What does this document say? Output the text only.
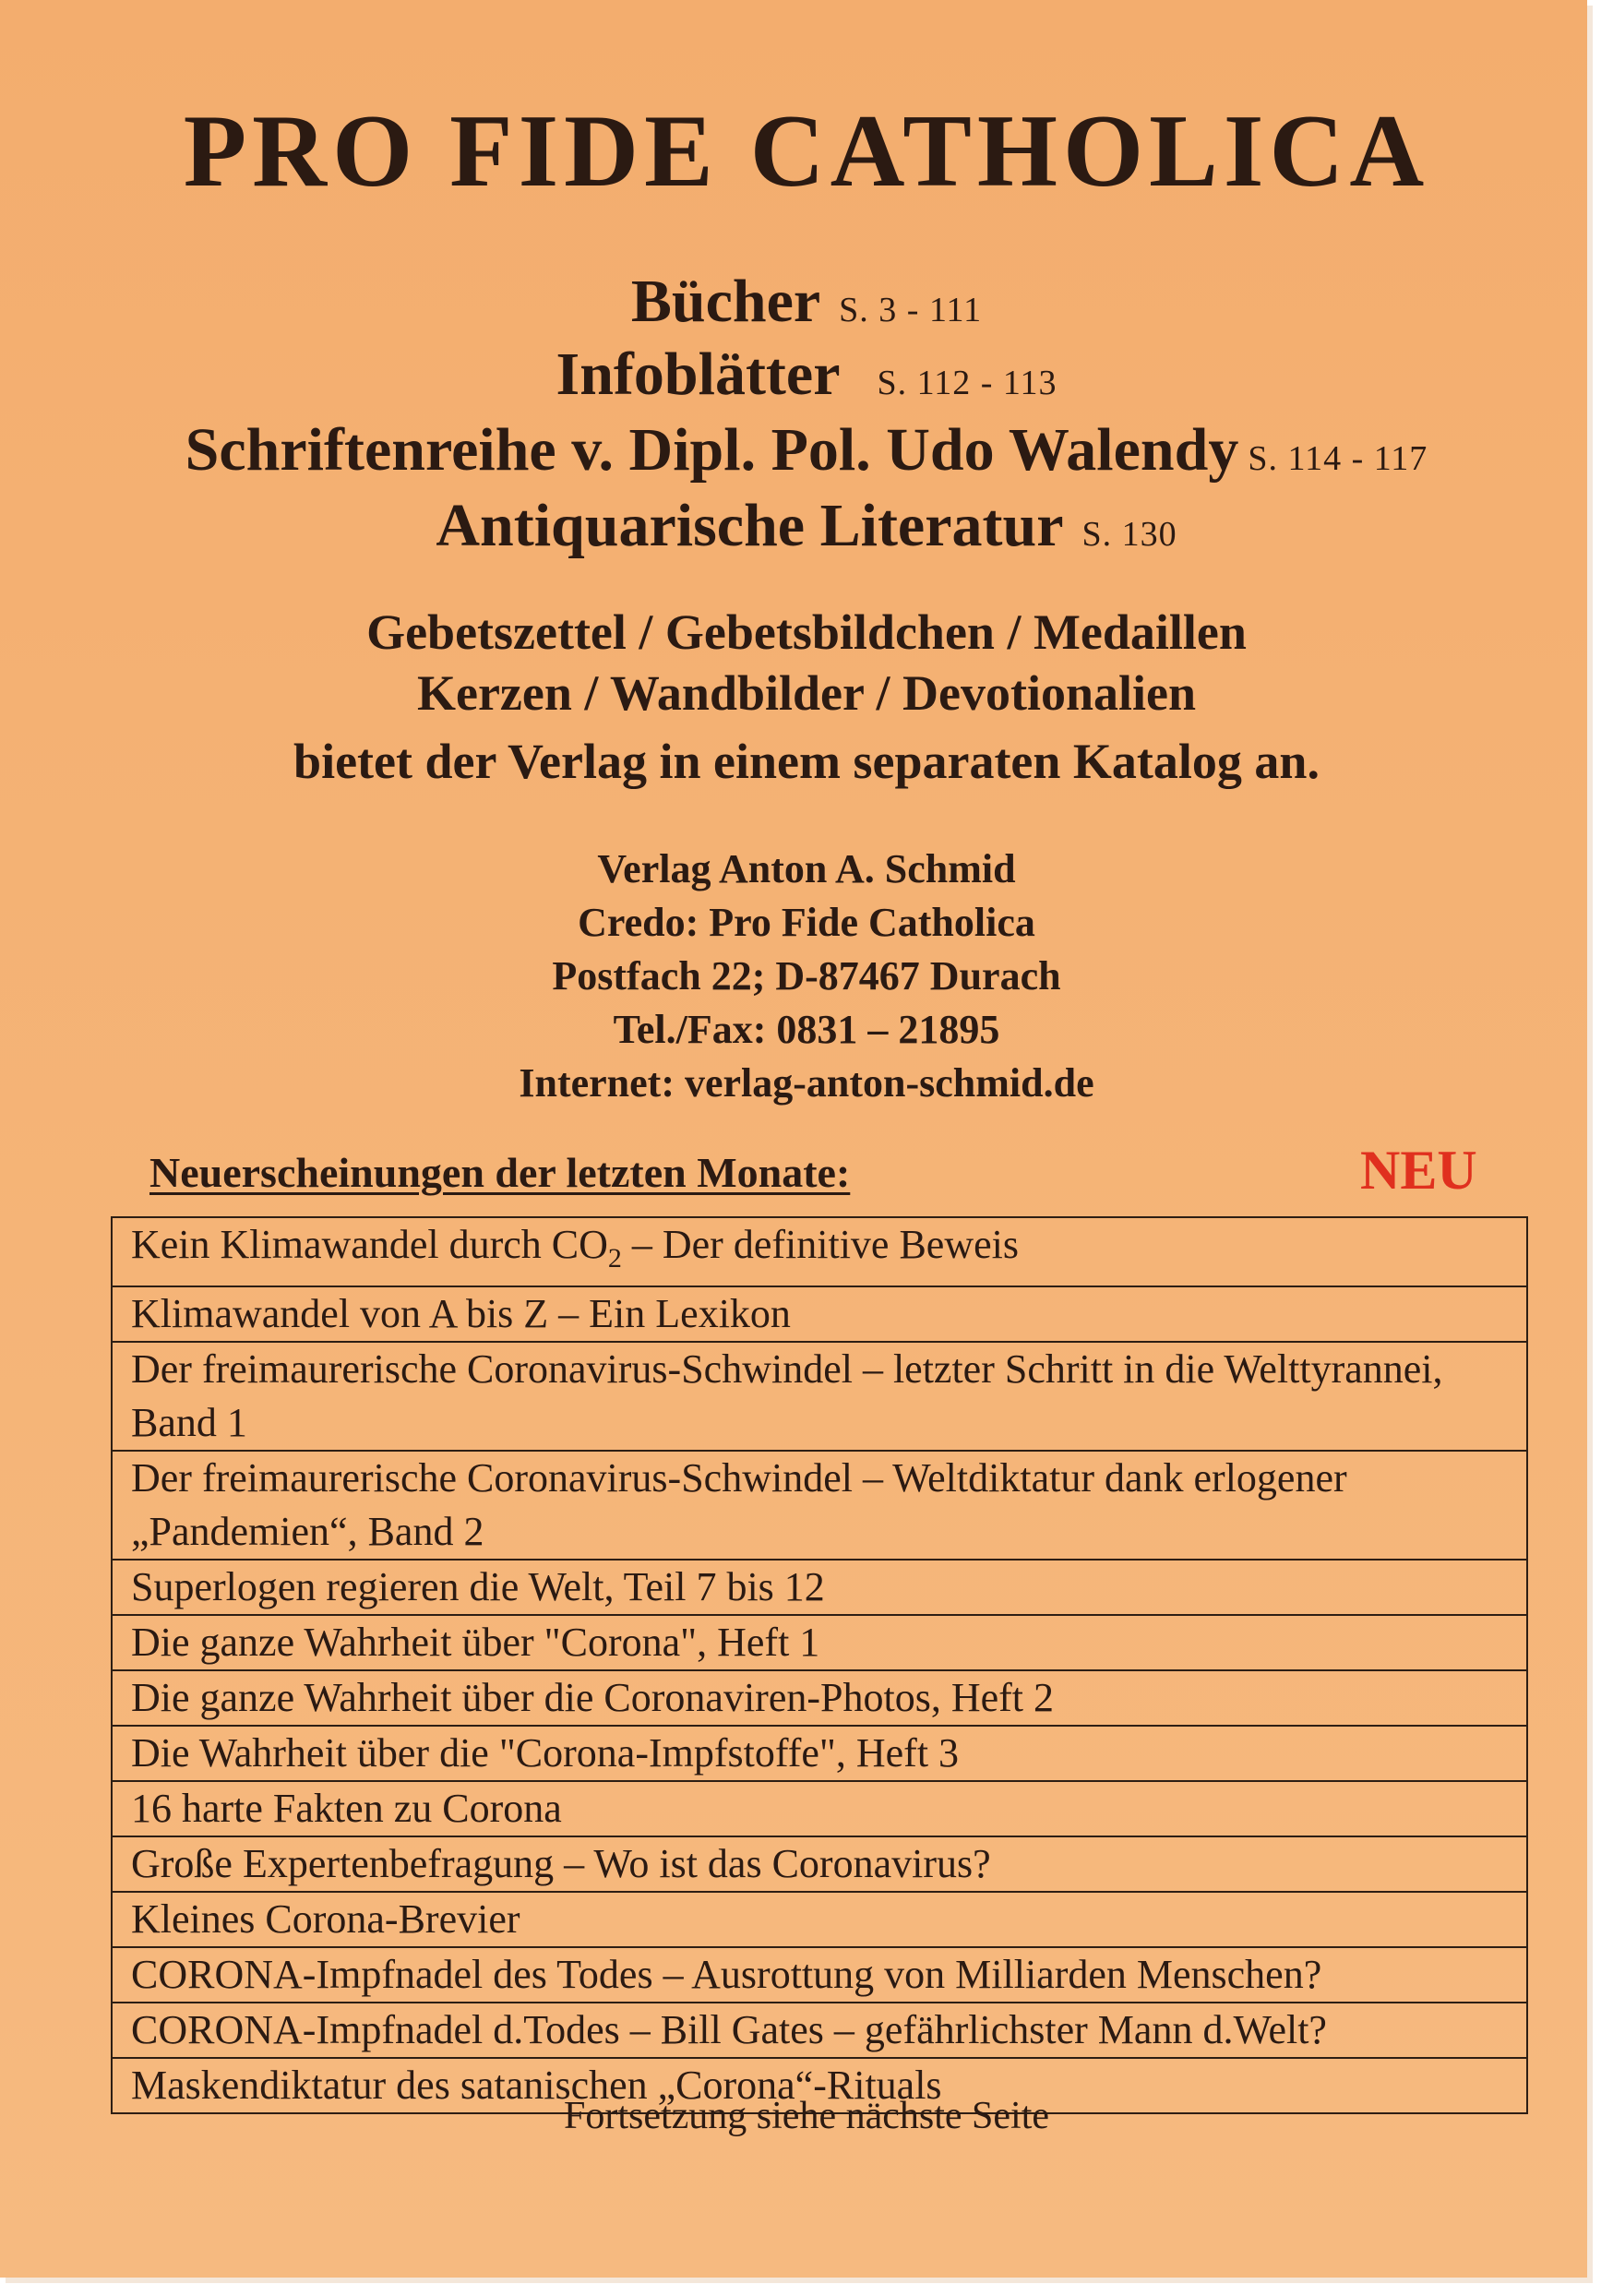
PRO FIDE CATHOLICA
Bücher S. 3 - 111
Infoblätter S. 112 - 113
Schriftenreihe v. Dipl. Pol. Udo Walendy S. 114 - 117
Antiquarische Literatur S. 130
Gebetszettel / Gebetsbildchen / Medaillen
Kerzen / Wandbilder / Devotionalien
bietet der Verlag in einem separaten Katalog an.
Verlag Anton A. Schmid
Credo: Pro Fide Catholica
Postfach 22; D-87467 Durach
Tel./Fax: 0831 – 21895
Internet: verlag-anton-schmid.de
Neuerscheinungen der letzten Monate:	NEU
Kein Klimawandel durch $CO_2$ – Der definitive Beweis
Klimawandel von A bis Z – Ein Lexikon
Der freimaurerische Coronavirus-Schwindel – letzter Schritt in die Welttyrannei, Band 1
Der freimaurerische Coronavirus-Schwindel – Weltdiktatur dank erlogener „Pandemien“, Band 2
Superlogen regieren die Welt, Teil 7 bis 12
Die ganze Wahrheit über "Corona", Heft 1
Die ganze Wahrheit über die Coronaviren-Photos, Heft 2
Die Wahrheit über die "Corona-Impfstoffe", Heft 3
16 harte Fakten zu Corona
Große Expertenbefragung – Wo ist das Coronavirus?
Kleines Corona-Brevier
CORONA-Impfnadel des Todes – Ausrottung von Milliarden Menschen?
CORONA-Impfnadel d.Todes – Bill Gates – gefährlichster Mann d.Welt?
Maskendiktatur des satanischen „Corona“-Rituals
Fortsetzung siehe nächste Seite
